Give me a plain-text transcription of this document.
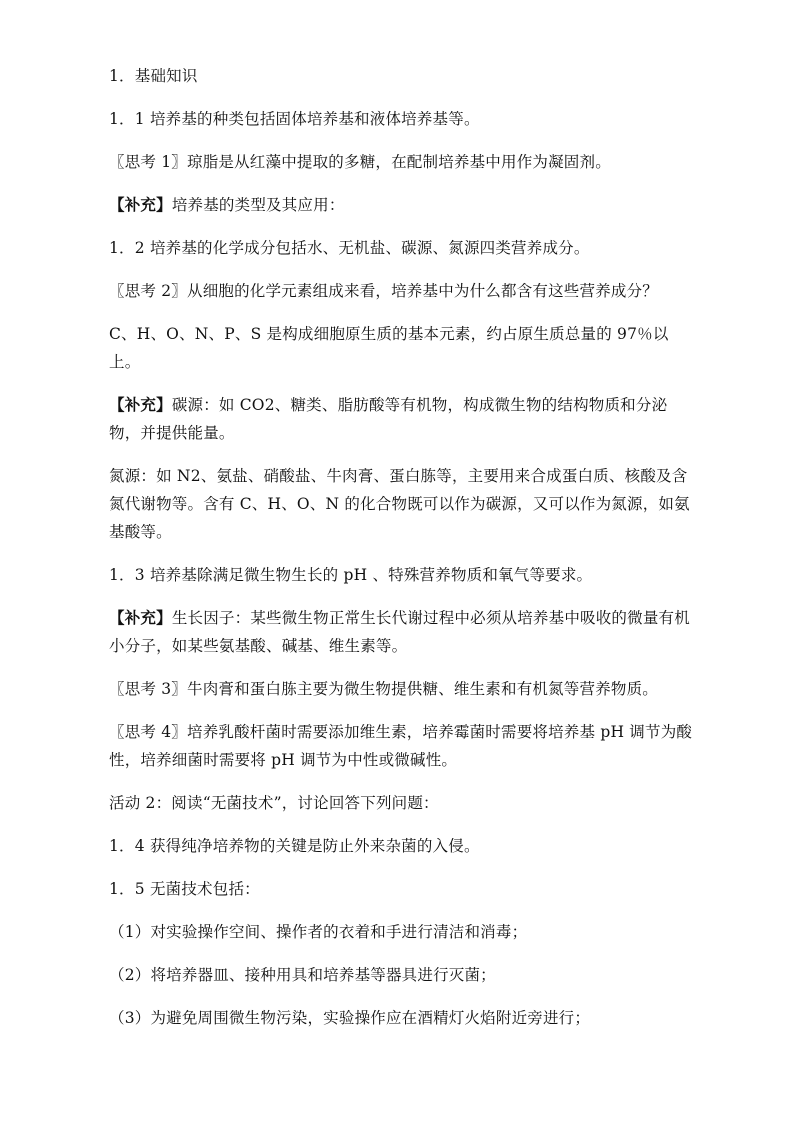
1．基础知识

1．1 培养基的种类包括固体培养基和液体培养基等。

〖思考 1〗琼脂是从红藻中提取的多糖，在配制培养基中用作为凝固剂。

【补充】培养基的类型及其应用：

1．2 培养基的化学成分包括水、无机盐、碳源、氮源四类营养成分。

〖思考 2〗从细胞的化学元素组成来看，培养基中为什么都含有这些营养成分？

C、H、O、N、P、S 是构成细胞原生质的基本元素，约占原生质总量的 97％以上。

【补充】碳源：如 CO2、糖类、脂肪酸等有机物，构成微生物的结构物质和分泌物，并提供能量。

氮源：如 N2、氨盐、硝酸盐、牛肉膏、蛋白胨等，主要用来合成蛋白质、核酸及含氮代谢物等。含有 C、H、O、N 的化合物既可以作为碳源，又可以作为氮源，如氨基酸等。

1．3 培养基除满足微生物生长的 pH 、特殊营养物质和氧气等要求。

【补充】生长因子：某些微生物正常生长代谢过程中必须从培养基中吸收的微量有机小分子，如某些氨基酸、碱基、维生素等。

〖思考 3〗牛肉膏和蛋白胨主要为微生物提供糖、维生素和有机氮等营养物质。

〖思考 4〗培养乳酸杆菌时需要添加维生素，培养霉菌时需要将培养基 pH 调节为酸性，培养细菌时需要将 pH 调节为中性或微碱性。

活动 2：阅读“无菌技术”，讨论回答下列问题：

1．4 获得纯净培养物的关键是防止外来杂菌的入侵。

1．5 无菌技术包括：

（1）对实验操作空间、操作者的衣着和手进行清洁和消毒；

（2）将培养器皿、接种用具和培养基等器具进行灭菌；

（3）为避免周围微生物污染，实验操作应在酒精灯火焰附近旁进行；
